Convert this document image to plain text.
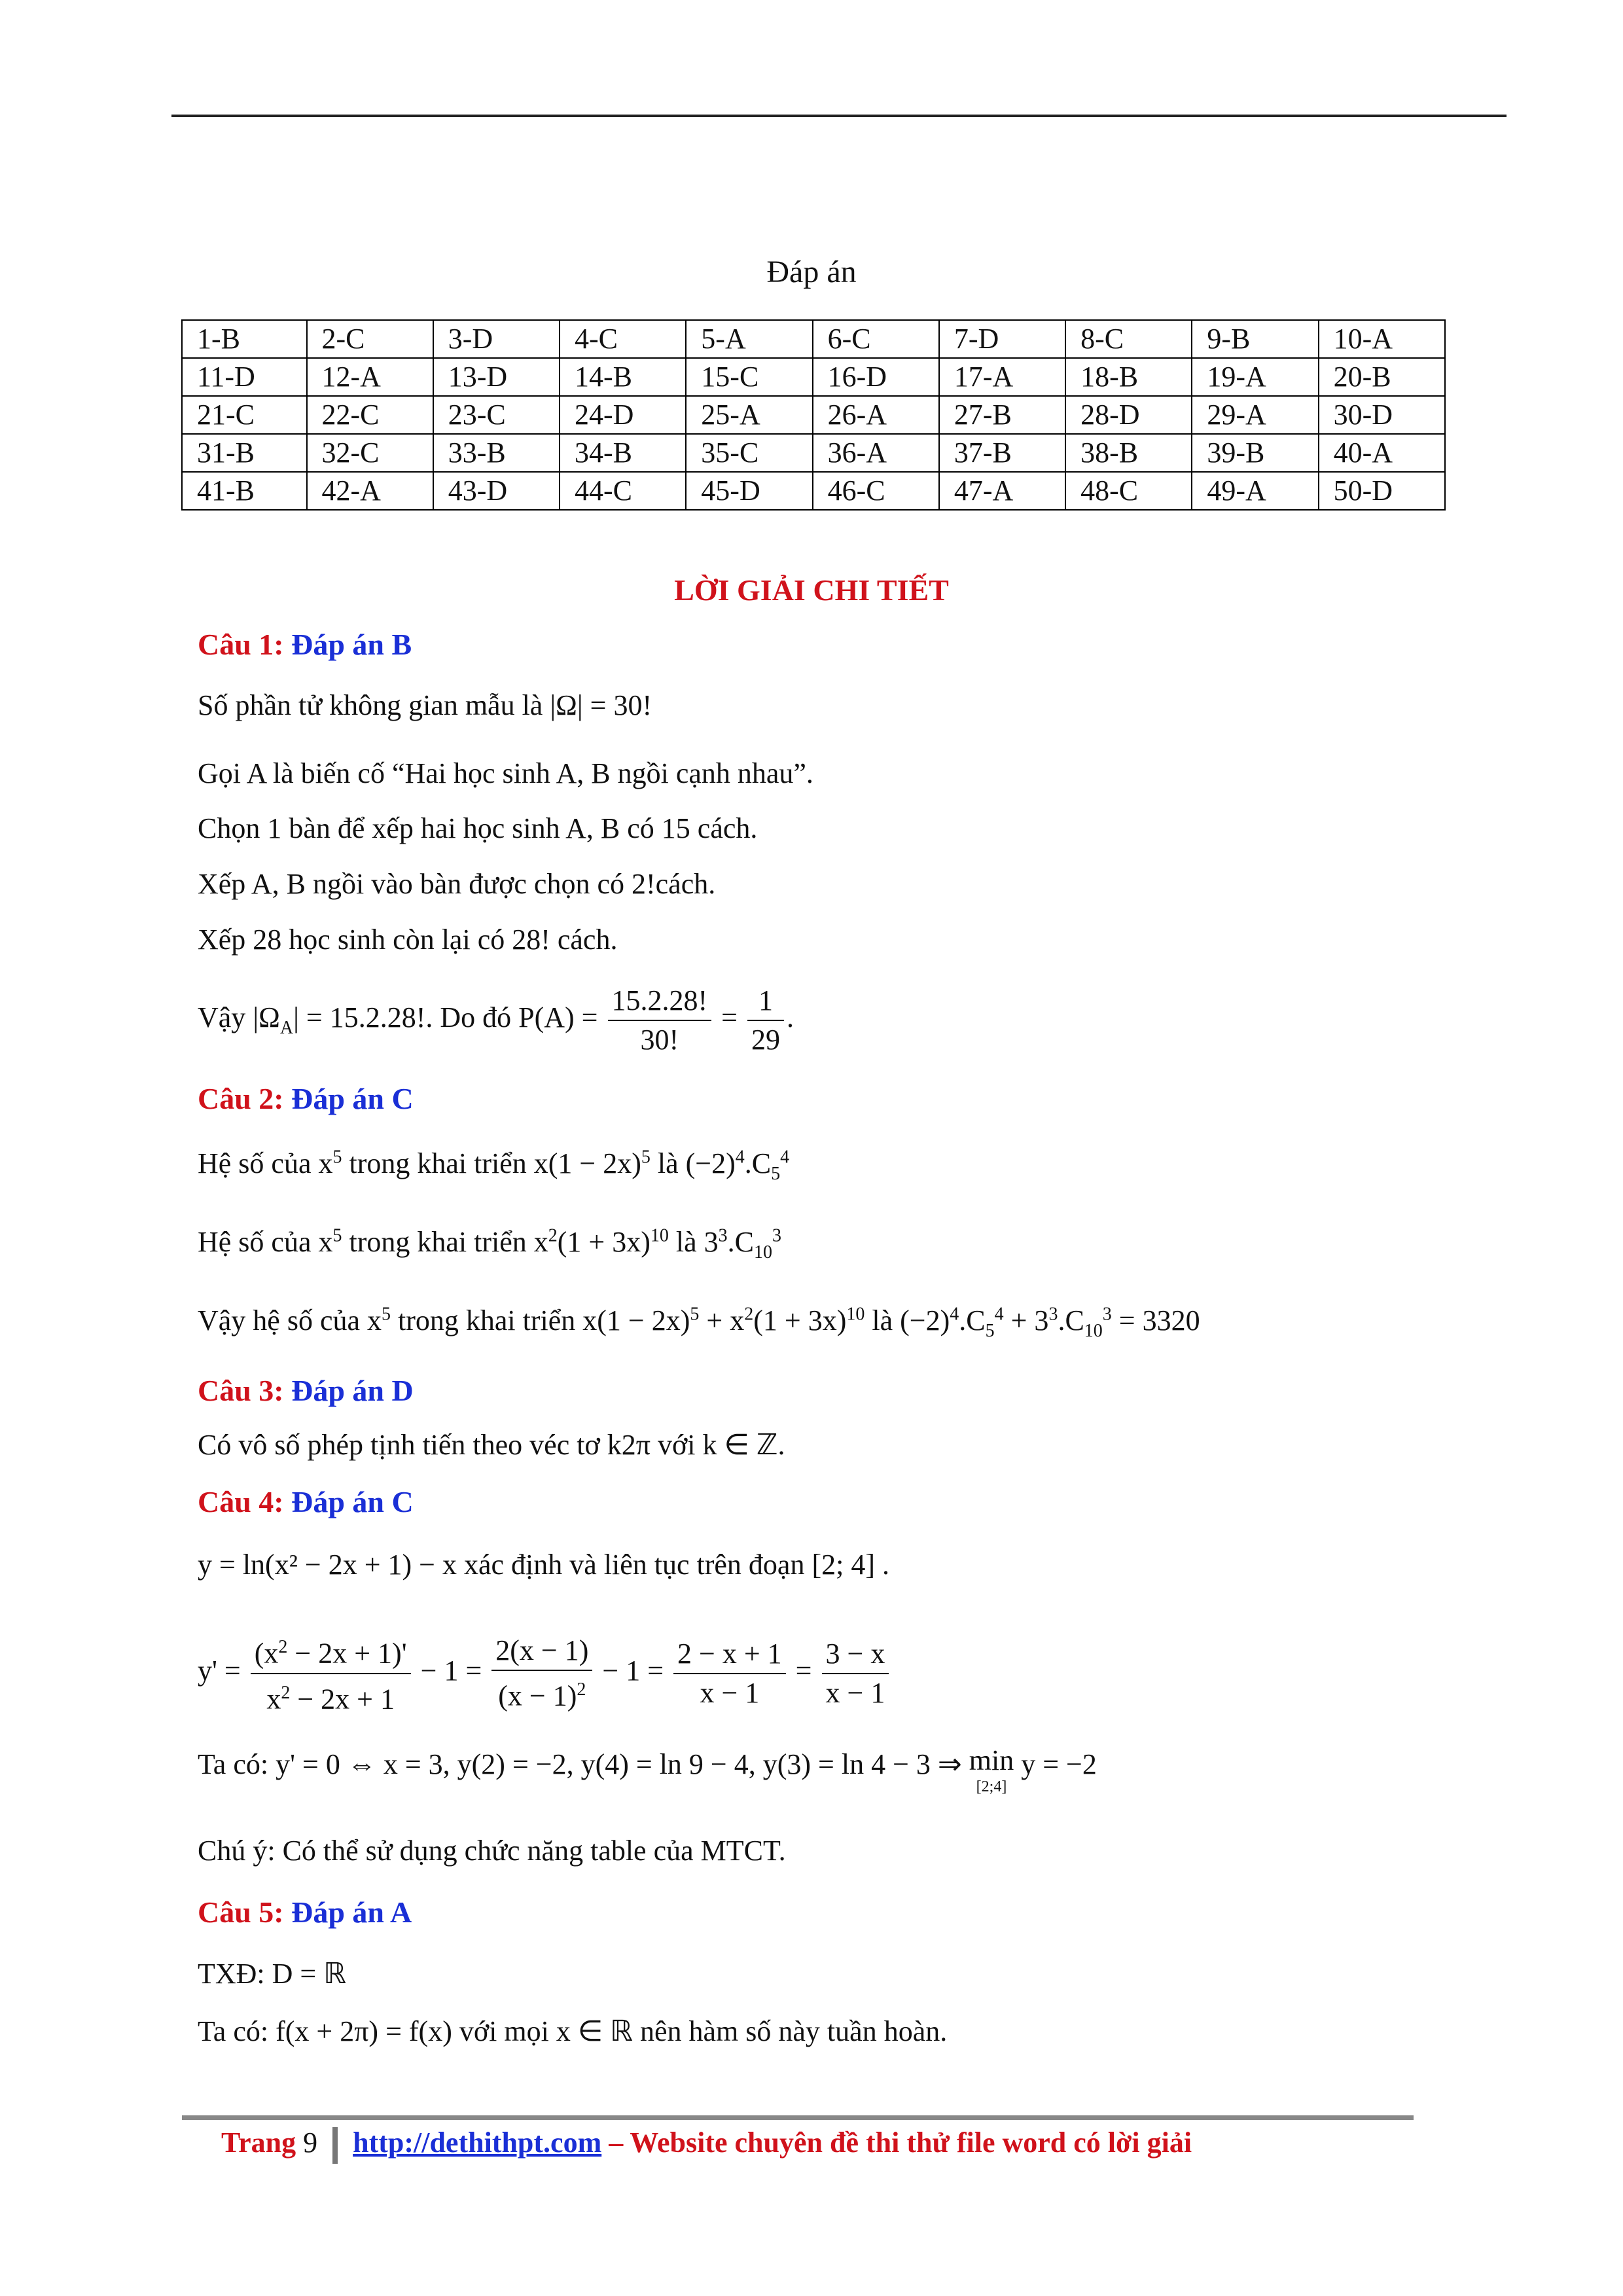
Đáp án
1-B	2-C	3-D	4-C	5-A	6-C	7-D	8-C	9-B	10-A
11-D	12-A	13-D	14-B	15-C	16-D	17-A	18-B	19-A	20-B
21-C	22-C	23-C	24-D	25-A	26-A	27-B	28-D	29-A	30-D
31-B	32-C	33-B	34-B	35-C	36-A	37-B	38-B	39-B	40-A
41-B	42-A	43-D	44-C	45-D	46-C	47-A	48-C	49-A	50-D
LỜI GIẢI CHI TIẾT
Câu 1: Đáp án B
Số phần tử không gian mẫu là |Ω| = 30!
Gọi A là biến cố “Hai học sinh A, B ngồi cạnh nhau”.
Chọn 1 bàn để xếp hai học sinh A, B có 15 cách.
Xếp A, B ngồi vào bàn được chọn có 2!cách.
Xếp 28 học sinh còn lại có 28! cách.
Vậy $|\Omega_A| = 15.2.28$!. Do đó $P(A) = \frac{15.2.28!}{30!} = \frac{1}{29}$ .
Câu 2: Đáp án C
Hệ số của $x^5$ trong khai triển $x(1 - 2x)^5$ là $(-2)^4.C_5^4$
Hệ số của $x^5$ trong khai triển $x^2(1 + 3x)^{10}$ là $3^3.C_{10}^3$
Vậy hệ số của $x^5$ trong khai triển $x(1 - 2x)^5 + x^2(1 + 3x)^{10}$ là $(-2)^4.C_5^4 + 3^3.C_{10}^3 = 3320$
Câu 3: Đáp án D
Có vô số phép tịnh tiến theo véc tơ k2π với k ∈ ℤ.
Câu 4: Đáp án C
y = ln(x² − 2x + 1) − x xác định và liên tục trên đoạn [2; 4] .
$y' = \frac{(x^2 - 2x + 1)'}{x^2 - 2x + 1} - 1 = \frac{2(x - 1)}{(x - 1)^2} - 1 = \frac{2 - x + 1}{x - 1} = \frac{3 - x}{x - 1}$
Ta có: y' = 0 ⇔ x = 3, y(2) = −2, y(4) = ln 9 − 4, y(3) = ln 4 − 3 ⇒ min
[2;4]
y = −2
Chú ý: Có thể sử dụng chức năng table của MTCT.
Câu 5: Đáp án A
TXĐ: D = ℝ
Ta có: f(x + 2π) = f(x) với mọi x ∈ ℝ nên hàm số này tuần hoàn.
Trang 9 http://dethithpt.com – Website chuyên đề thi thử file word có lời giải
